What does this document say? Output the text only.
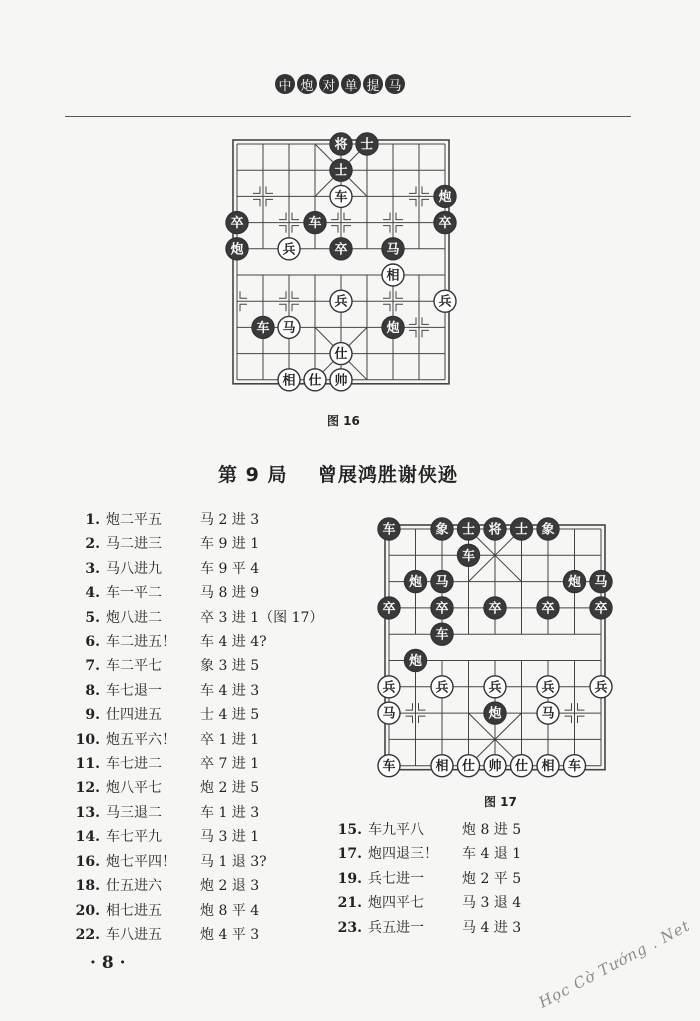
中 炮 对 单 提 马
将 士
士
车	炮
卒	车	卒
炮	兵	卒	马
相
兵	兵
车 马	炮
仕
相 仕 帅
图 16
第 9 局    曾展鸿胜谢侠逊
1. 炮二平五	马 2 进 3
2. 马二进三	车 9 进 1
3. 马八进九	车 9 平 4
4. 车一平二	马 8 进 9
5. 炮八进二	卒 3 进 1（图 17）
6. 车二进五！ 车 4 进 4?
7. 车二平七	象 3 进 5
8. 车七退一	车 4 进 3
9. 仕四进五	士 4 进 5
10. 炮五平六！ 卒 1 进 1
11. 车七进二	卒 7 进 1
12. 炮八平七	炮 2 进 5
13. 马三退二	车 1 进 3
14. 车七平九	马 3 进 1
16. 炮七平四！ 马 1 退 3?
18. 仕五进六	炮 2 退 3
20. 相七进五	炮 8 平 4
22. 车八进五	炮 4 平 3
车	象 士 将 士 象
车
炮 马	炮 马
卒	卒	卒	卒	卒
车
炮
兵	兵	兵	兵	兵
马	炮	马
车	相 仕 帅 仕 相 车
图 17
15. 车九平八	炮 8 进 5
17. 炮四退三！ 车 4 退 1
19. 兵七进一	炮 2 平 5
21. 炮四平七	马 3 退 4
23. 兵五进一	马 4 进 3
· 8 ·	Học Cờ Tướng . Net
